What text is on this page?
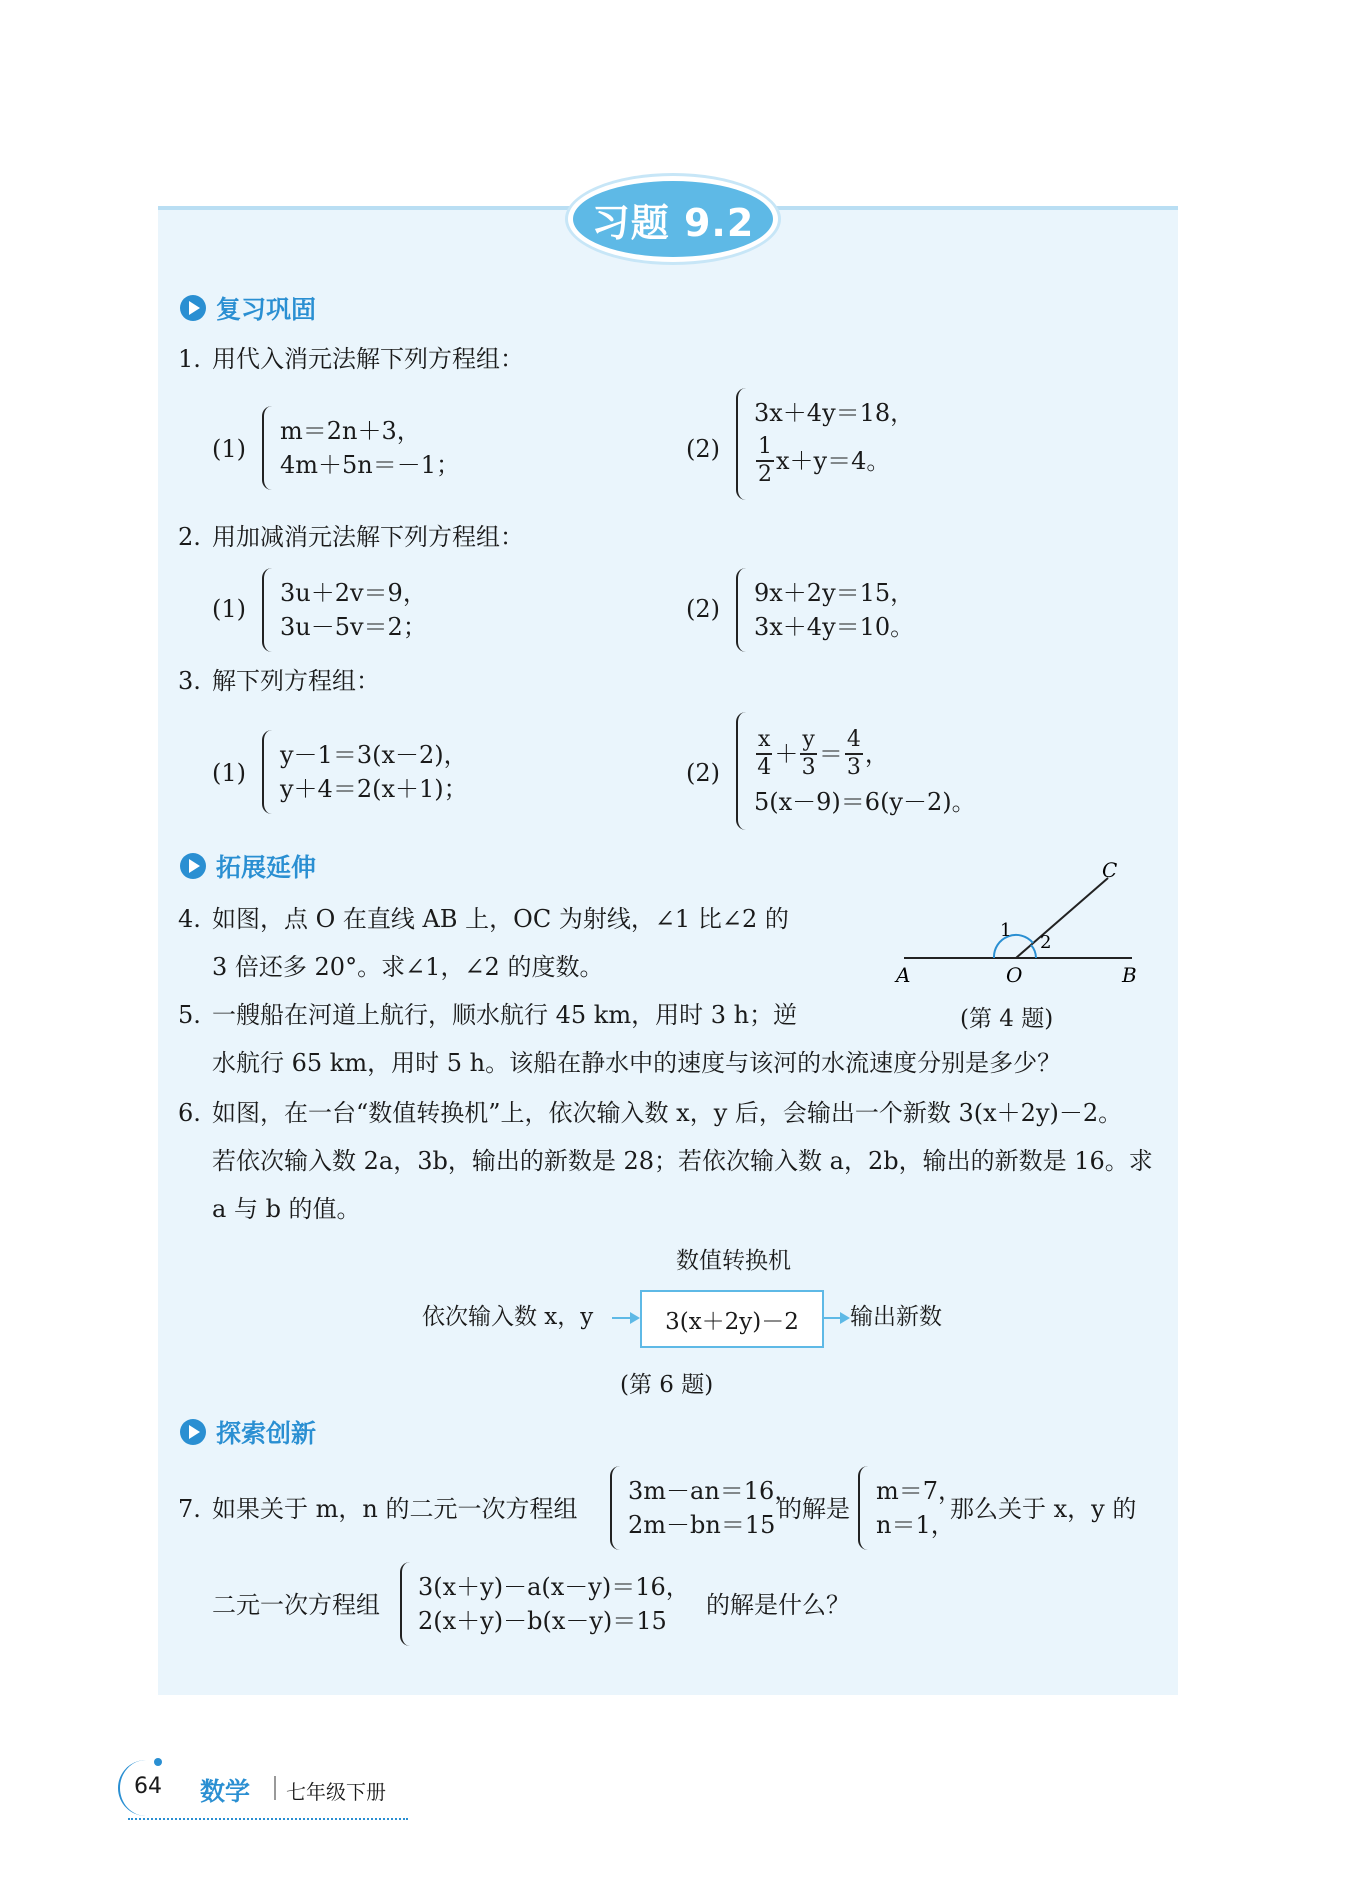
习题 9.2
复习巩固
1. 用代入消元法解下列方程组：
(1)
m＝2n＋3，
4m＋5n＝－1；
(2)
3x＋4y＝18，
$\frac{1}{2} x+y=4$。
2. 用加减消元法解下列方程组：
(1)
3u＋2v＝9，
3u－5v＝2；
(2)
9x＋2y＝15，
3x＋4y＝10。
3. 解下列方程组：
(1)
y－1＝3(x－2)，
y＋4＝2(x＋1)；
$(2) \frac{x}{4} + \frac{y}{3} = \frac{4}{3}$ ，
5(x－9)＝6(y－2)。
拓展延伸
4. 如图，点 O 在直线 AB 上，OC 为射线，∠1 比∠2 的
3 倍还多 20°。求∠1，∠2 的度数。
C
A	O	B
1
2
(第 4 题)
5. 一艘船在河道上航行，顺水航行 45 km，用时 3 h；逆
水航行 65 km，用时 5 h。该船在静水中的速度与该河的水流速度分别是多少？
6. 如图，在一台“数值转换机”上，依次输入数 x，y 后，会输出一个新数 3(x＋2y)－2。
若依次输入数 2a，3b，输出的新数是 28；若依次输入数 a，2b，输出的新数是 16。求
a 与 b 的值。
数值转换机
依次输入数 x，y	3(x＋2y)－2 输出新数
(第 6 题)
探索创新
7. 如果关于 m，n 的二元一次方程组
3m－an＝16，
2m－bn＝15
的解是
m＝7，
n＝1，
那么关于 x，y 的
二元一次方程组
3(x＋y)－a(x－y)＝16，
2(x＋y)－b(x－y)＝15
的解是什么？
64 数学 七年级下册
